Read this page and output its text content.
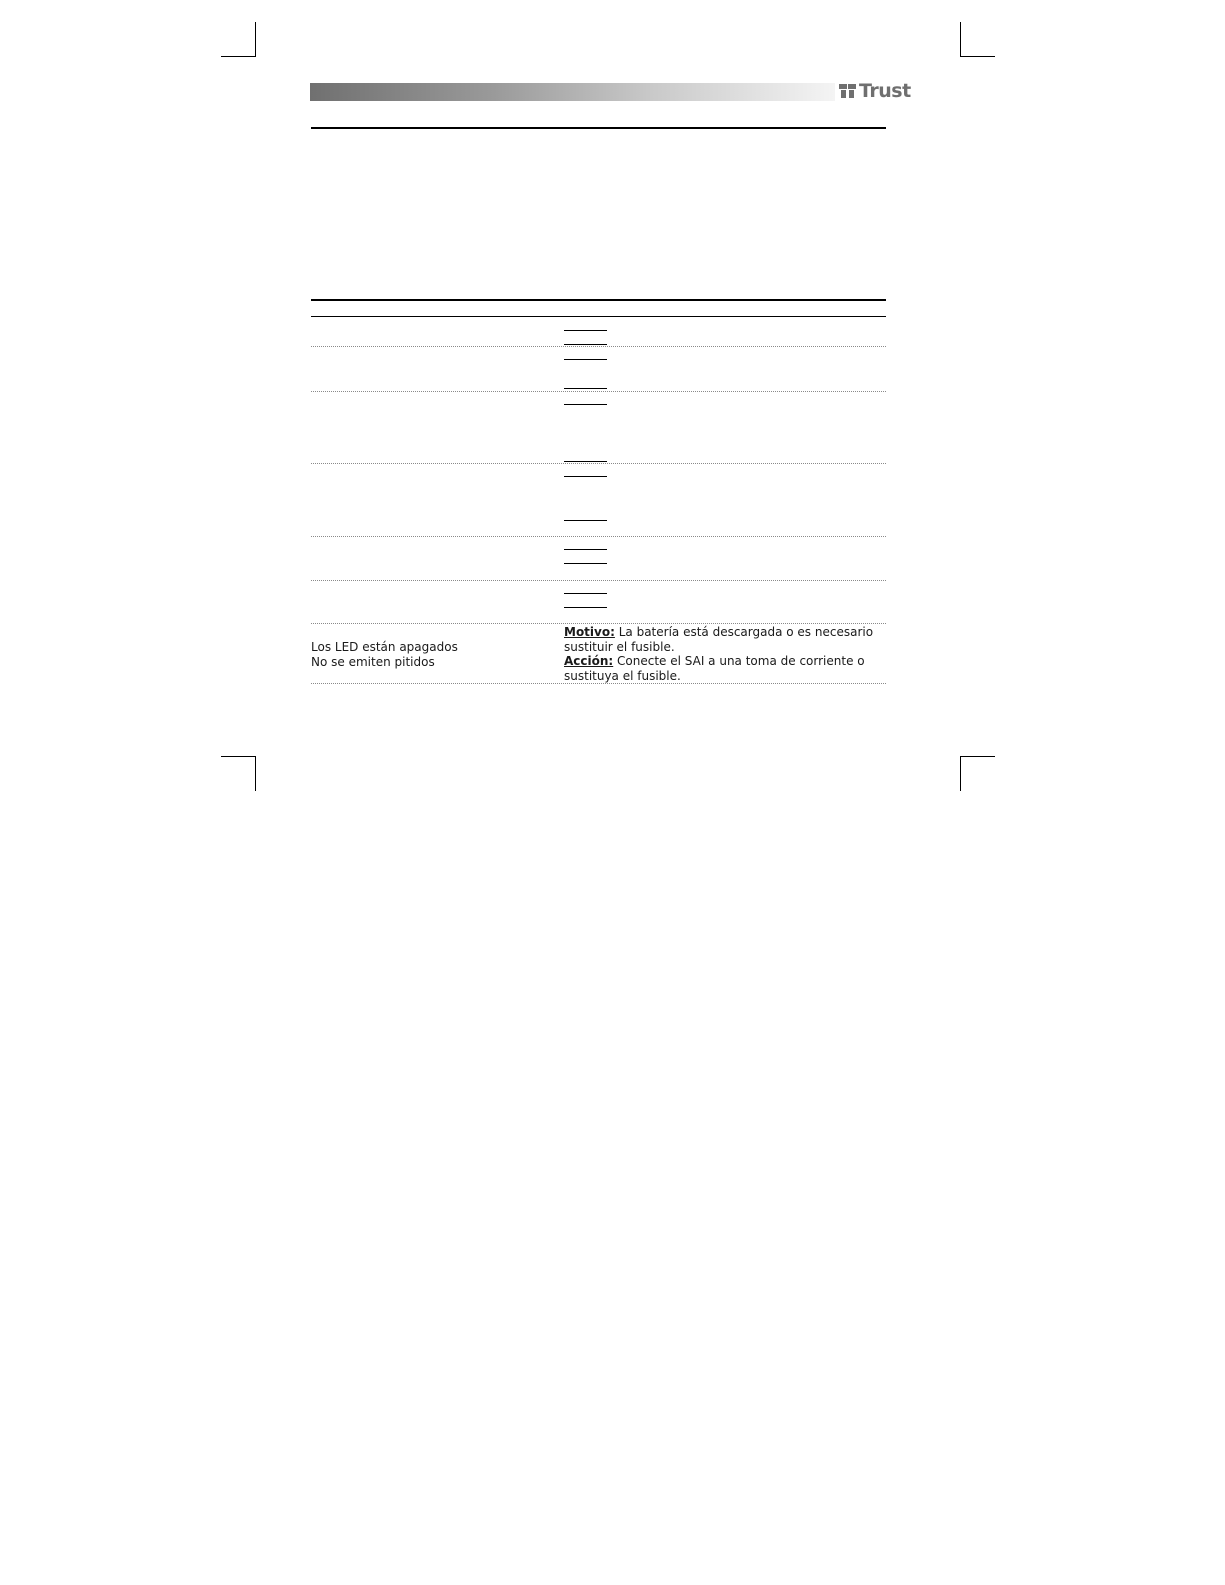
Trust
Los LED están apagados
No se emiten pitidos
Motivo: La batería está descargada o es necesario sustituir el fusible.
Acción: Conecte el SAI a una toma de corriente o sustituya el fusible.
